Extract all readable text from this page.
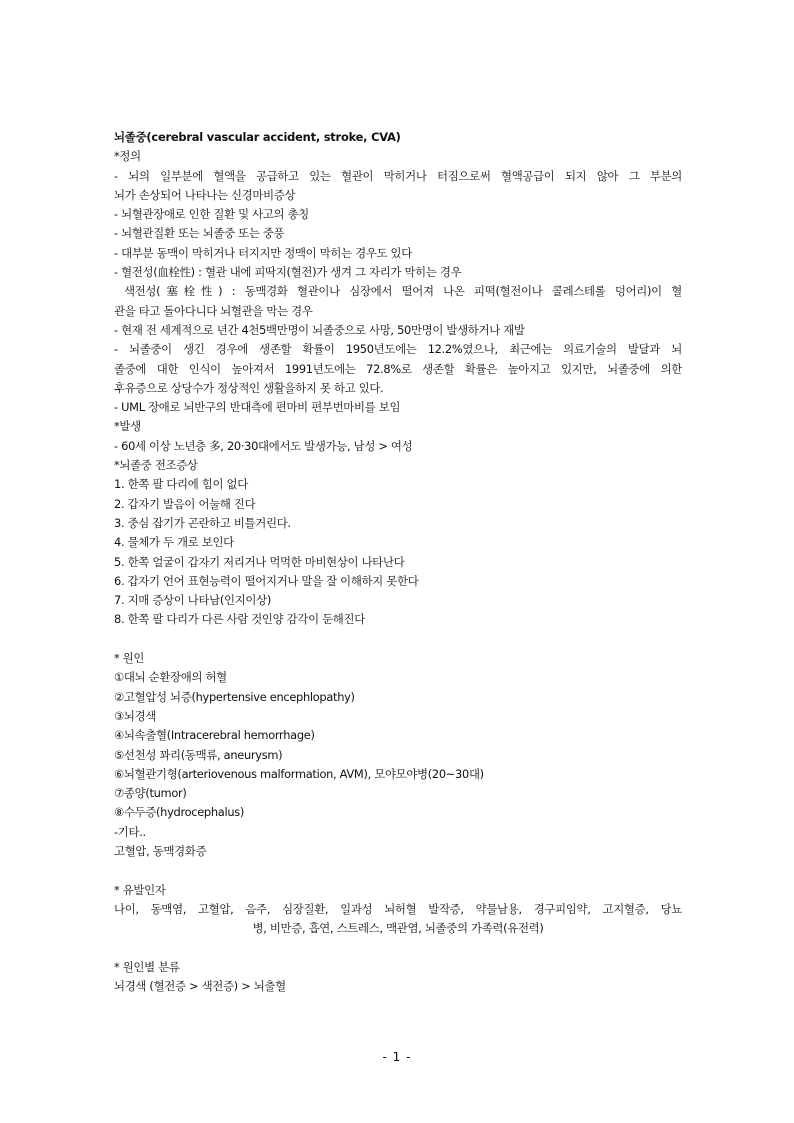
뇌졸중(cerebral vascular accident, stroke, CVA)
*정의
- 뇌의 일부분에 혈액을 공급하고 있는 혈관이 막히거나 터짐으로써 혈액공급이 되지 않아 그 부분의
뇌가 손상되어 나타나는 신경마비증상
- 뇌혈관장애로 인한 질환 및 사고의 총칭
- 뇌혈관질환 또는 뇌졸중 또는 중풍
- 대부분 동맥이 막히거나 터지지만 정맥이 막히는 경우도 있다
- 혈전성(血栓性) : 혈관 내에 피딱지(혈전)가 생겨 그 자리가 막히는 경우
색전성(塞栓性) : 동맥경화 혈관이나 심장에서 떨어져 나온 피떡(혈전이나 콜레스테롤 덩어리)이 혈
관을 타고 돌아다니다 뇌혈관을 막는 경우
- 현재 전 세계적으로 년간 4천5백만명이 뇌졸중으로 사망, 50만명이 발생하거나 재발
- 뇌졸중이 생긴 경우에 생존할 확률이 1950년도에는 12.2%였으나, 최근에는 의료기술의 발달과 뇌
졸중에 대한 인식이 높아져서 1991년도에는 72.8%로 생존할 확률은 높아지고 있지만, 뇌졸중에 의한
후유증으로 상당수가 정상적인 생활을하지 못 하고 있다.
- UML 장애로 뇌반구의 반대측에 편마비 편부번마비를 보임
*발생
- 60세 이상 노년층 多, 20·30대에서도 발생가능, 남성 > 여성
*뇌졸중 전조증상
1. 한쪽 팔 다리에 힘이 없다
2. 갑자기 발음이 어눌해 진다
3. 중심 잡기가 곤란하고 비틀거린다.
4. 물체가 두 개로 보인다
5. 한쪽 얼굴이 갑자기 저리거나 먹먹한 마비현상이 나타난다
6. 갑자기 언어 표현능력이 떨어지거나 말을 잘 이해하지 못한다
7. 지매 증상이 나타남(인지이상)
8. 한쪽 팔 다리가 다른 사람 것인양 감각이 둔해진다
* 원인
①대뇌 순환장애의 허혈
②고혈압성 뇌증(hypertensive encephlopathy)
③뇌경색
④뇌속출혈(Intracerebral hemorrhage)
⑤선천성 꽈리(동맥류, aneurysm)
⑥뇌혈관기형(arteriovenous malformation, AVM), 모야모야병(20~30대)
⑦종양(tumor)
⑧수두증(hydrocephalus)
-기타..
고혈압, 동맥경화증
* 유발인자
나이, 동맥염, 고혈압, 음주, 심장질환, 일과성 뇌허혈 발작증, 약물남용, 경구피임약, 고지혈증, 당뇨
병, 비만증, 흡연, 스트레스, 맥관염, 뇌졸중의 가족력(유전력)
* 원인별 분류
뇌경색 (혈전증 > 색전증) > 뇌출혈
- 1 -
